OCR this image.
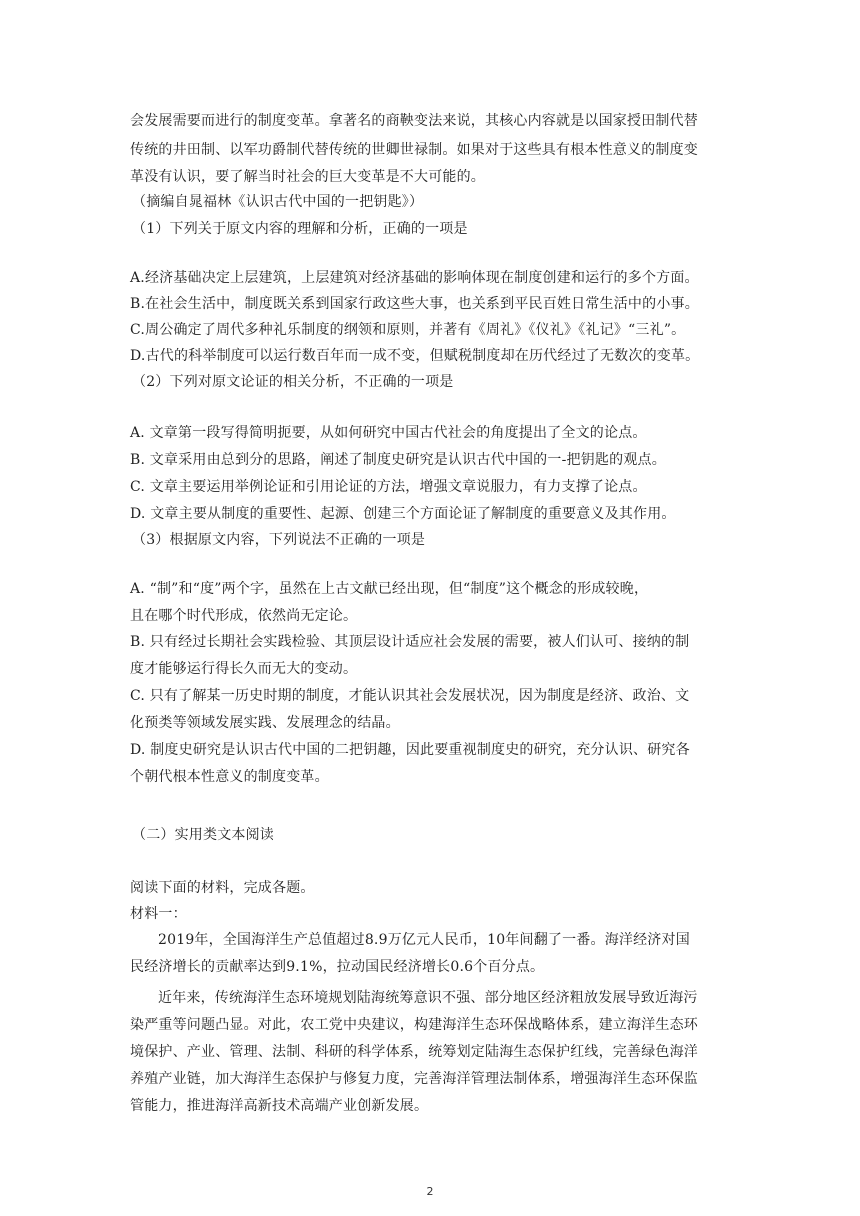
会发展需要而进行的制度变革。拿著名的商鞅变法来说，其核心内容就是以国家授田制代替
传统的井田制、以军功爵制代替传统的世卿世禄制。如果对于这些具有根本性意义的制度变
革没有认识，要了解当时社会的巨大变革是不大可能的。
（摘编自晁福林《认识古代中国的一把钥匙》）
（1）下列关于原文内容的理解和分析，正确的一项是
A.经济基础决定上层建筑，上层建筑对经济基础的影响体现在制度创建和运行的多个方面。
B.在社会生活中，制度既关系到国家行政这些大事，也关系到平民百姓日常生活中的小事。
C.周公确定了周代多种礼乐制度的纲领和原则，并著有《周礼》《仪礼》《礼记》“三礼”。
D.古代的科举制度可以运行数百年而一成不变，但赋税制度却在历代经过了无数次的变革。
（2）下列对原文论证的相关分析，不正确的一项是
A. 文章第一段写得简明扼要，从如何研究中国古代社会的角度提出了全文的论点。
B. 文章采用由总到分的思路，阐述了制度史研究是认识古代中国的一-把钥匙的观点。
C. 文章主要运用举例论证和引用论证的方法，增强文章说服力，有力支撑了论点。
D. 文章主要从制度的重要性、起源、创建三个方面论证了解制度的重要意义及其作用。
（3）根据原文内容，下列说法不正确的一项是
A. “制”和“度”两个字，虽然在上古文献已经出现，但“制度”这个概念的形成较晚，
且在哪个时代形成，依然尚无定论。
B. 只有经过长期社会实践检验、其顶层设计适应社会发展的需要，被人们认可、接纳的制
度才能够运行得长久而无大的变动。
C. 只有了解某一历史时期的制度，才能认识其社会发展状况，因为制度是经济、政治、文
化预类等领域发展实践、发展理念的结晶。
D. 制度史研究是认识古代中国的二把钥趣，因此要重视制度史的研究，充分认识、研究各
个朝代根本性意义的制度变革。
（二）实用类文本阅读
阅读下面的材料，完成各题。
材料一：
2019年，全国海洋生产总值超过8.9万亿元人民币，10年间翻了一番。海洋经济对国
民经济增长的贡献率达到9.1%，拉动国民经济增长0.6个百分点。
近年来，传统海洋生态环境规划陆海统筹意识不强、部分地区经济粗放发展导致近海污
染严重等问题凸显。对此，农工党中央建议，构建海洋生态环保战略体系，建立海洋生态环
境保护、产业、管理、法制、科研的科学体系，统筹划定陆海生态保护红线，完善绿色海洋
养殖产业链，加大海洋生态保护与修复力度，完善海洋管理法制体系，增强海洋生态环保监
管能力，推进海洋高新技术高端产业创新发展。
2
